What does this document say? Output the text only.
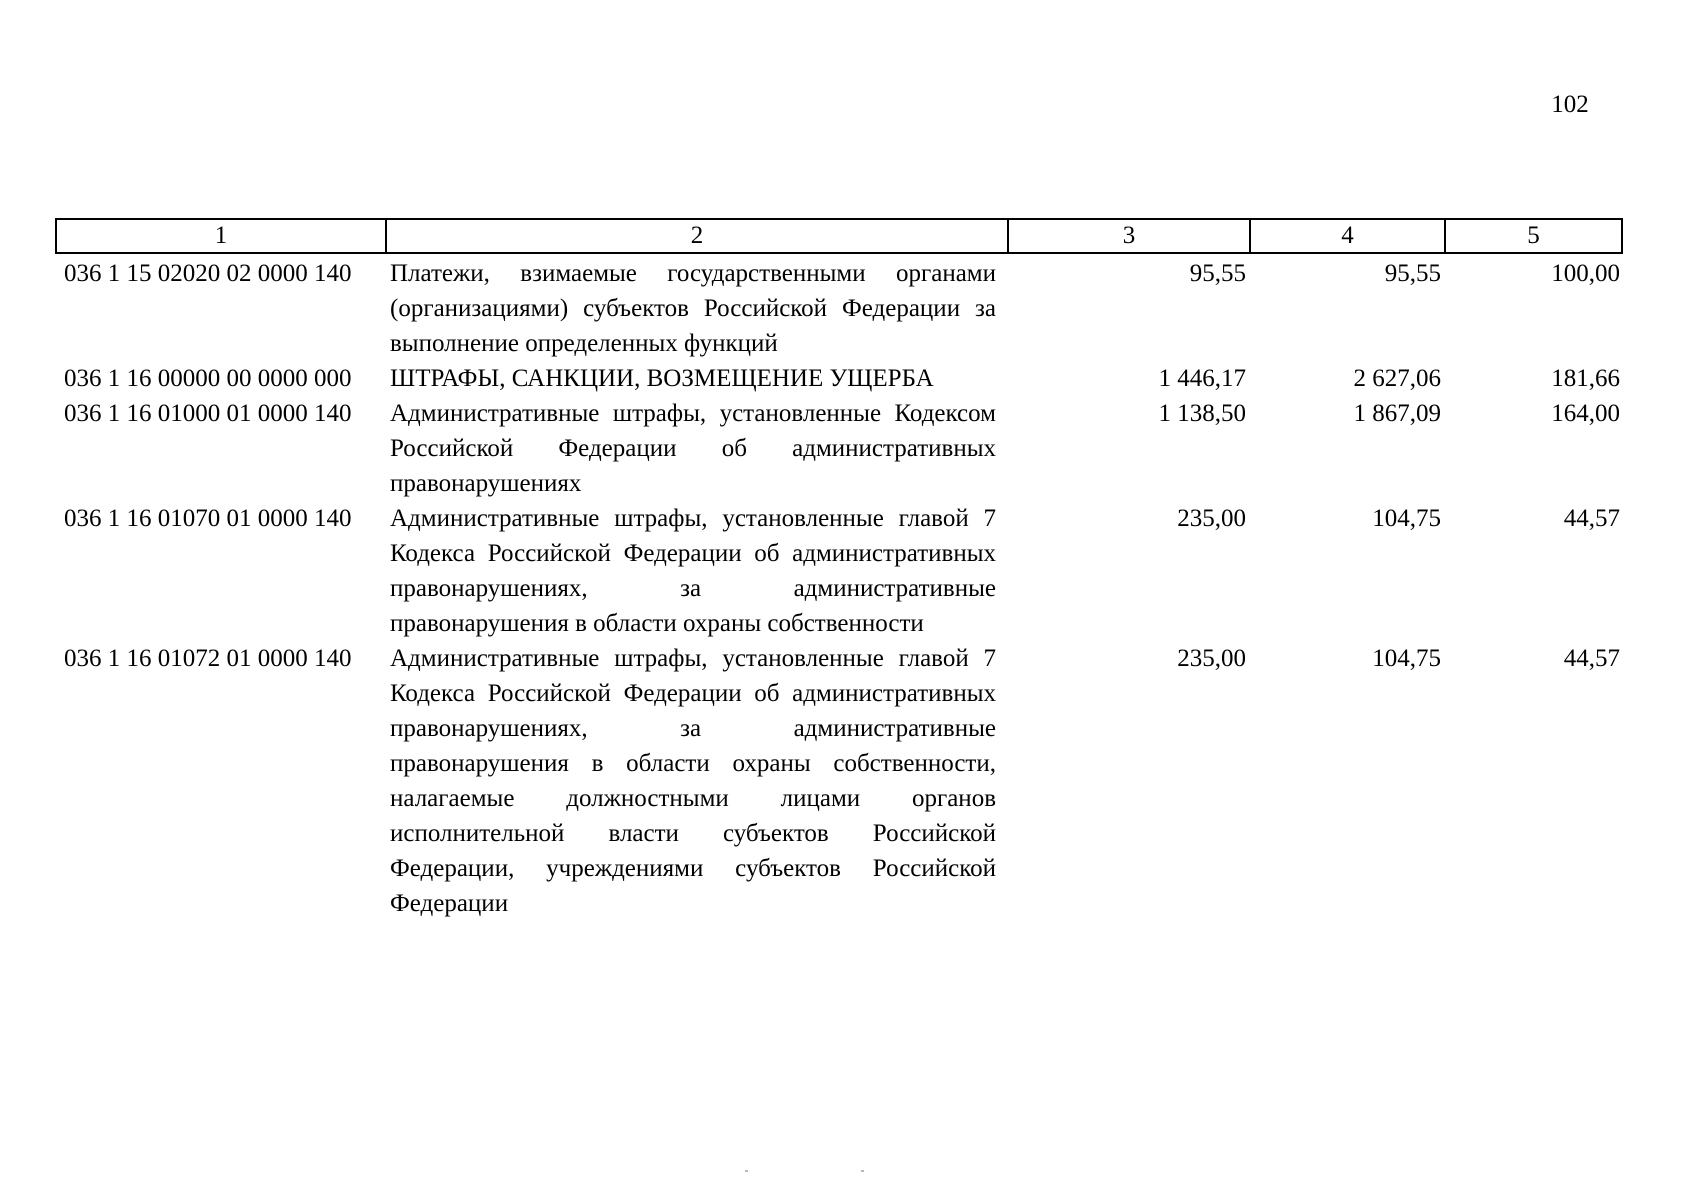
102
1	2	3	4	5
036 1 15 02020 02 0000 140	Платежи, взимаемые государственными органами (организациями) субъектов Российской Федерации за выполнение определенных функций	95,55	95,55	100,00
036 1 16 00000 00 0000 000	ШТРАФЫ, САНКЦИИ, ВОЗМЕЩЕНИЕ УЩЕРБА	1 446,17	2 627,06	181,66
036 1 16 01000 01 0000 140	Административные штрафы, установленные Кодексом Российской Федерации об административных правонарушениях	1 138,50	1 867,09	164,00
036 1 16 01070 01 0000 140	Административные штрафы, установленные главой 7 Кодекса Российской Федерации об административных правонарушениях, за административные правонарушения в области охраны собственности	235,00	104,75	44,57
036 1 16 01072 01 0000 140	Административные штрафы, установленные главой 7 Кодекса Российской Федерации об административных правонарушениях, за административные правонарушения в области охраны собственности, налагаемые должностными лицами органов исполнительной власти субъектов Российской Федерации, учреждениями субъектов Российской Федерации	235,00	104,75	44,57
